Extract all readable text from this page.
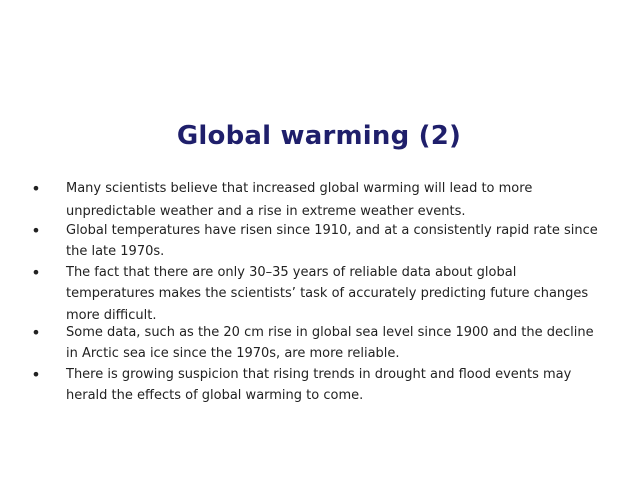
Global warming (2)
• Many scientists believe that increased global warming will lead to more
unpredictable weather and a rise in extreme weather events.
• Global temperatures have risen since 1910, and at a consistently rapid rate since
the late 1970s.
• The fact that there are only 30–35 years of reliable data about global
temperatures makes the scientists’ task of accurately predicting future changes
more difficult.
• Some data, such as the 20 cm rise in global sea level since 1900 and the decline
in Arctic sea ice since the 1970s, are more reliable.
• There is growing suspicion that rising trends in drought and flood events may
herald the effects of global warming to come.
